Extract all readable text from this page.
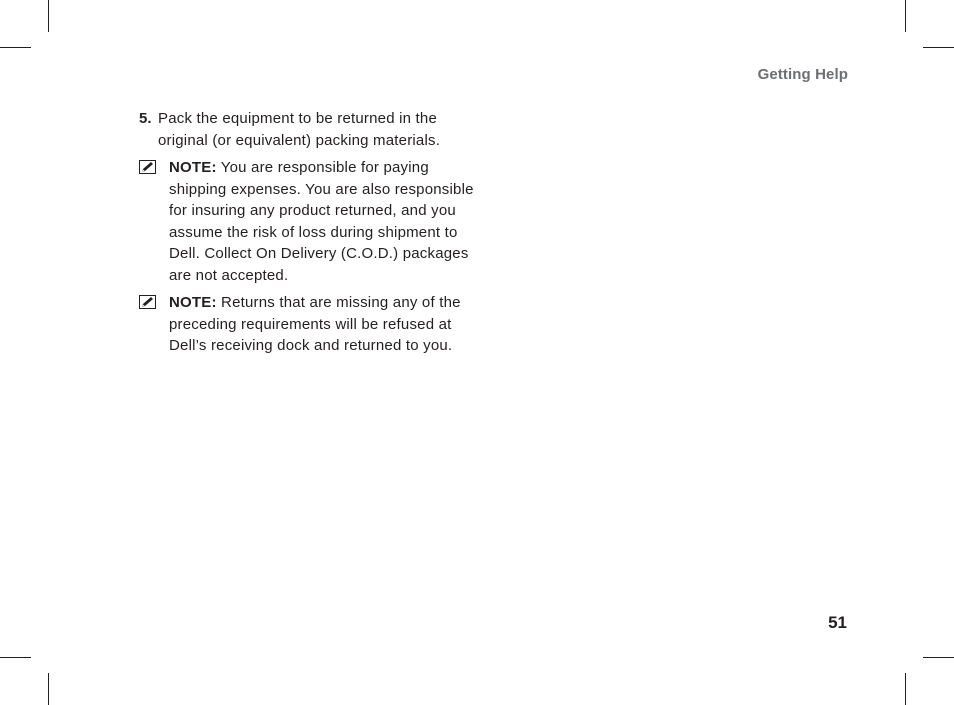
Getting Help
5. Pack the equipment to be returned in the original (or equivalent) packing materials.
NOTE: You are responsible for paying shipping expenses. You are also responsible for insuring any product returned, and you assume the risk of loss during shipment to Dell. Collect On Delivery (C.O.D.) packages are not accepted.
NOTE: Returns that are missing any of the preceding requirements will be refused at Dell’s receiving dock and returned to you.
51
